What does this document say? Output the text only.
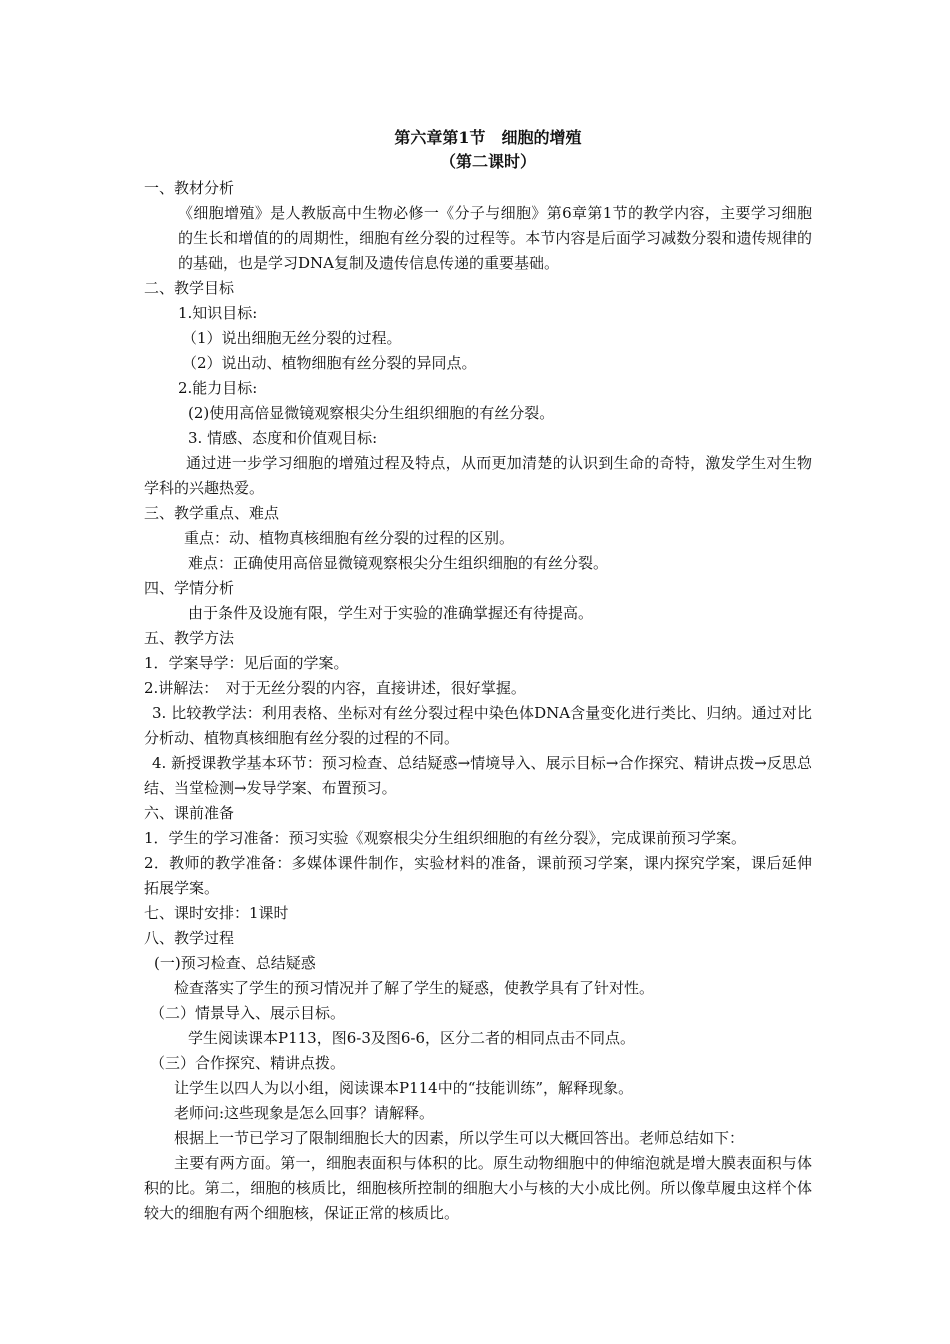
第六章第1节　细胞的增殖
（第二课时）
一、教材分析
《细胞增殖》是人教版高中生物必修一《分子与细胞》第6章第1节的教学内容，主要学习细胞的生长和增值的的周期性，细胞有丝分裂的过程等。本节内容是后面学习减数分裂和遗传规律的的基础，也是学习DNA复制及遗传信息传递的重要基础。
二、教学目标
1.知识目标:
（1）说出细胞无丝分裂的过程。
（2）说出动、植物细胞有丝分裂的异同点。
2.能力目标:
(2)使用高倍显微镜观察根尖分生组织细胞的有丝分裂。
3. 情感、态度和价值观目标:
通过进一步学习细胞的增殖过程及特点，从而更加清楚的认识到生命的奇特，激发学生对生物学科的兴趣热爱。
三、教学重点、难点
重点：动、植物真核细胞有丝分裂的过程的区别。
难点：正确使用高倍显微镜观察根尖分生组织细胞的有丝分裂。
四、学情分析
由于条件及设施有限，学生对于实验的准确掌握还有待提高。
五、教学方法
1．学案导学：见后面的学案。
2.讲解法：　对于无丝分裂的内容，直接讲述，很好掌握。
3. 比较教学法：利用表格、坐标对有丝分裂过程中染色体DNA含量变化进行类比、归纳。通过对比分析动、植物真核细胞有丝分裂的过程的不同。
4. 新授课教学基本环节：预习检查、总结疑惑→情境导入、展示目标→合作探究、精讲点拨→反思总结、当堂检测→发导学案、布置预习。
六、课前准备
1．学生的学习准备：预习实验《观察根尖分生组织细胞的有丝分裂》，完成课前预习学案。
2．教师的教学准备：多媒体课件制作，实验材料的准备，课前预习学案，课内探究学案，课后延伸拓展学案。
七、课时安排：1课时
八、教学过程
(一)预习检查、总结疑惑
检查落实了学生的预习情况并了解了学生的疑惑，使教学具有了针对性。
（二）情景导入、展示目标。
学生阅读课本P113，图6-3及图6-6，区分二者的相同点击不同点。
（三）合作探究、精讲点拨。
让学生以四人为以小组，阅读课本P114中的“技能训练”，解释现象。
老师问:这些现象是怎么回事？请解释。
根据上一节已学习了限制细胞长大的因素，所以学生可以大概回答出。老师总结如下：
主要有两方面。第一，细胞表面积与体积的比。原生动物细胞中的伸缩泡就是增大膜表面积与体积的比。第二，细胞的核质比，细胞核所控制的细胞大小与核的大小成比例。所以像草履虫这样个体较大的细胞有两个细胞核，保证正常的核质比。
